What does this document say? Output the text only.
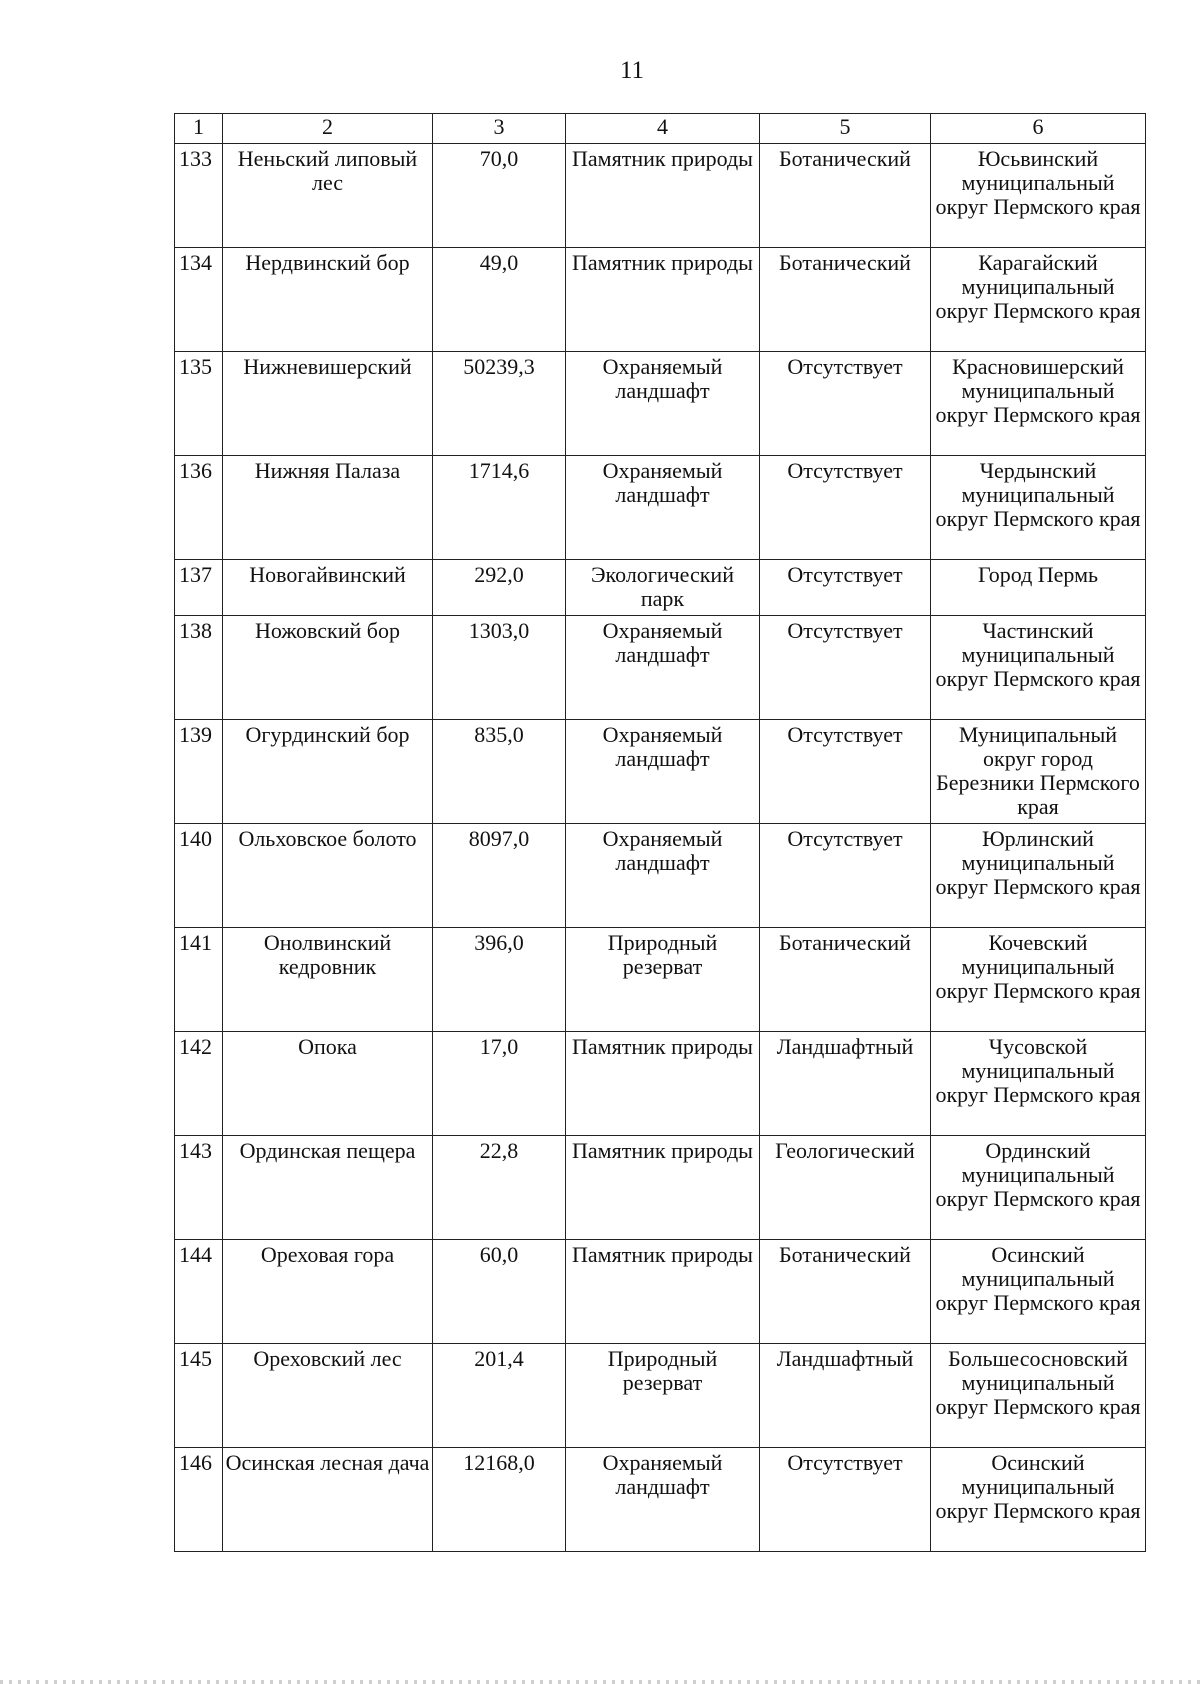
11
1	2	3	4	5	6
133	Неньский липовый лес	70,0	Памятник природы	Ботанический	Юсьвинский муниципальный округ Пермского края
134	Нердвинский бор	49,0	Памятник природы	Ботанический	Карагайский муниципальный округ Пермского края
135	Нижневишерский	50239,3	Охраняемый ландшафт	Отсутствует	Красновишерский муниципальный округ Пермского края
136	Нижняя Палаза	1714,6	Охраняемый ландшафт	Отсутствует	Чердынский муниципальный округ Пермского края
137	Новогайвинский	292,0	Экологический парк	Отсутствует	Город Пермь
138	Ножовский бор	1303,0	Охраняемый ландшафт	Отсутствует	Частинский муниципальный округ Пермского края
139	Огурдинский бор	835,0	Охраняемый ландшафт	Отсутствует	Муниципальный округ город Березники Пермского края
140	Ольховское болото	8097,0	Охраняемый ландшафт	Отсутствует	Юрлинский муниципальный округ Пермского края
141	Онолвинский кедровник	396,0	Природный резерват	Ботанический	Кочевский муниципальный округ Пермского края
142	Опока	17,0	Памятник природы	Ландшафтный	Чусовской муниципальный округ Пермского края
143	Ординская пещера	22,8	Памятник природы	Геологический	Ординский муниципальный округ Пермского края
144	Ореховая гора	60,0	Памятник природы	Ботанический	Осинский муниципальный округ Пермского края
145	Ореховский лес	201,4	Природный резерват	Ландшафтный	Большесосновский муниципальный округ Пермского края
146	Осинская лесная дача	12168,0	Охраняемый ландшафт	Отсутствует	Осинский муниципальный округ Пермского края
